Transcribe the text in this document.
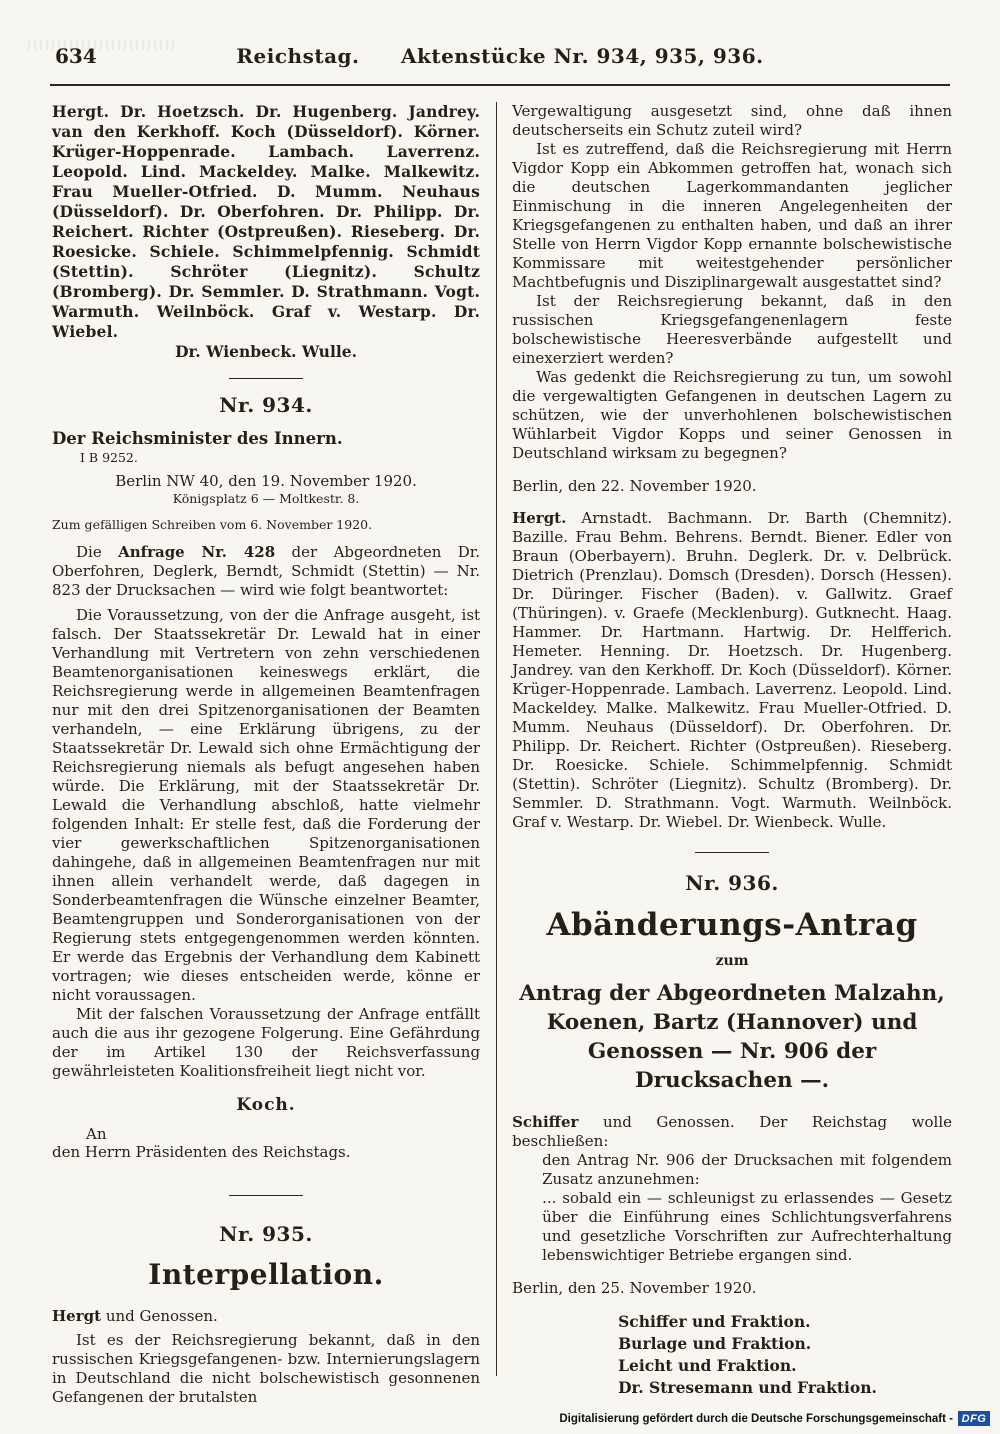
634	Reichstag. Aktenstücke Nr. 934, 935, 936.
Hergt. Dr. Hoetzsch. Dr. Hugenberg. Jandrey. van den Kerkhoff. Koch (Düsseldorf). Körner. Krüger-Hoppenrade. Lambach. Laverrenz. Leopold. Lind. Mackeldey. Malke. Malkewitz. Frau Mueller-Otfried. D. Mumm. Neuhaus (Düsseldorf). Dr. Oberfohren. Dr. Philipp. Dr. Reichert. Richter (Ostpreußen). Rieseberg. Dr. Roesicke. Schiele. Schimmelpfennig. Schmidt (Stettin). Schröter (Liegnitz). Schultz (Bromberg). Dr. Semmler. D. Strathmann. Vogt. Warmuth. Weilnböck. Graf v. Westarp. Dr. Wiebel.
Dr. Wienbeck. Wulle.
Nr. 934.
Der Reichsminister des Innern.
I B 9252.
Berlin NW 40, den 19. November 1920.
Königsplatz 6 — Moltkestr. 8.
Zum gefälligen Schreiben vom 6. November 1920.

Die Anfrage Nr. 428 der Abgeordneten Dr. Oberfohren, Deglerk, Berndt, Schmidt (Stettin) — Nr. 823 der Drucksachen — wird wie folgt beantwortet:

Die Voraussetzung, von der die Anfrage ausgeht, ist falsch. Der Staatssekretär Dr. Lewald hat in einer Verhandlung mit Vertretern von zehn verschiedenen Beamtenorganisationen keineswegs erklärt, die Reichsregierung werde in allgemeinen Beamtenfragen nur mit den drei Spitzenorganisationen der Beamten verhandeln, — eine Erklärung übrigens, zu der Staatssekretär Dr. Lewald sich ohne Ermächtigung der Reichsregierung niemals als befugt angesehen haben würde. Die Erklärung, mit der Staatssekretär Dr. Lewald die Verhandlung abschloß, hatte vielmehr folgenden Inhalt: Er stelle fest, daß die Forderung der vier gewerkschaftlichen Spitzenorganisationen dahingehe, daß in allgemeinen Beamtenfragen nur mit ihnen allein verhandelt werde, daß dagegen in Sonderbeamtenfragen die Wünsche einzelner Beamter, Beamtengruppen und Sonderorganisationen von der Regierung stets entgegengenommen werden könnten. Er werde das Ergebnis der Verhandlung dem Kabinett vortragen; wie dieses entscheiden werde, könne er nicht voraussagen.

Mit der falschen Voraussetzung der Anfrage entfällt auch die aus ihr gezogene Folgerung. Eine Gefährdung der im Artikel 130 der Reichsverfassung gewährleisteten Koalitionsfreiheit liegt nicht vor.

Koch.
An
den Herrn Präsidenten des Reichstags.
Nr. 935.
Interpellation.
Hergt und Genossen.

Ist es der Reichsregierung bekannt, daß in den russischen Kriegsgefangenen- bzw. Internierungslagern in Deutschland die nicht bolschewistisch gesonnenen Gefangenen der brutalsten

Vergewaltigung ausgesetzt sind, ohne daß ihnen deutscherseits ein Schutz zuteil wird?

Ist es zutreffend, daß die Reichsregierung mit Herrn Vigdor Kopp ein Abkommen getroffen hat, wonach sich die deutschen Lagerkommandanten jeglicher Einmischung in die inneren Angelegenheiten der Kriegsgefangenen zu enthalten haben, und daß an ihrer Stelle von Herrn Vigdor Kopp ernannte bolschewistische Kommissare mit weitestgehender persönlicher Machtbefugnis und Disziplinargewalt ausgestattet sind?

Ist der Reichsregierung bekannt, daß in den russischen Kriegsgefangenenlagern feste bolschewistische Heeresverbände aufgestellt und einexerziert werden?

Was gedenkt die Reichsregierung zu tun, um sowohl die vergewaltigten Gefangenen in deutschen Lagern zu schützen, wie der unverhohlenen bolschewistischen Wühlarbeit Vigdor Kopps und seiner Genossen in Deutschland wirksam zu begegnen?

Berlin, den 22. November 1920.

Hergt. Arnstadt. Bachmann. Dr. Barth (Chemnitz). Bazille. Frau Behm. Behrens. Berndt. Biener. Edler von Braun (Oberbayern). Bruhn. Deglerk. Dr. v. Delbrück. Dietrich (Prenzlau). Domsch (Dresden). Dorsch (Hessen). Dr. Düringer. Fischer (Baden). v. Gallwitz. Graef (Thüringen). v. Graefe (Mecklenburg). Gutknecht. Haag. Hammer. Dr. Hartmann. Hartwig. Dr. Helfferich. Hemeter. Henning. Dr. Hoetzsch. Dr. Hugenberg. Jandrey. van den Kerkhoff. Dr. Koch (Düsseldorf). Körner. Krüger-Hoppenrade. Lambach. Laverrenz. Leopold. Lind. Mackeldey. Malke. Malkewitz. Frau Mueller-Otfried. D. Mumm. Neuhaus (Düsseldorf). Dr. Oberfohren. Dr. Philipp. Dr. Reichert. Richter (Ostpreußen). Rieseberg. Dr. Roesicke. Schiele. Schimmelpfennig. Schmidt (Stettin). Schröter (Liegnitz). Schultz (Bromberg). Dr. Semmler. D. Strathmann. Vogt. Warmuth. Weilnböck. Graf v. Westarp. Dr. Wiebel. Dr. Wienbeck. Wulle.

Nr. 936.
Abänderungs-Antrag
zum
Antrag der Abgeordneten Malzahn, Koenen, Bartz (Hannover) und Genossen — Nr. 906 der Drucksachen —.

Schiffer und Genossen. Der Reichstag wolle beschließen:

den Antrag Nr. 906 der Drucksachen mit folgendem Zusatz anzunehmen:

... sobald ein — schleunigst zu erlassendes — Gesetz über die Einführung eines Schlichtungsverfahrens und gesetzliche Vorschriften zur Aufrechterhaltung lebenswichtiger Betriebe ergangen sind.

Berlin, den 25. November 1920.
Schiffer und Fraktion.
Burlage und Fraktion.
Leicht und Fraktion.
Dr. Stresemann und Fraktion.
Digitalisierung gefördert durch die Deutsche Forschungsgemeinschaft - DFG
